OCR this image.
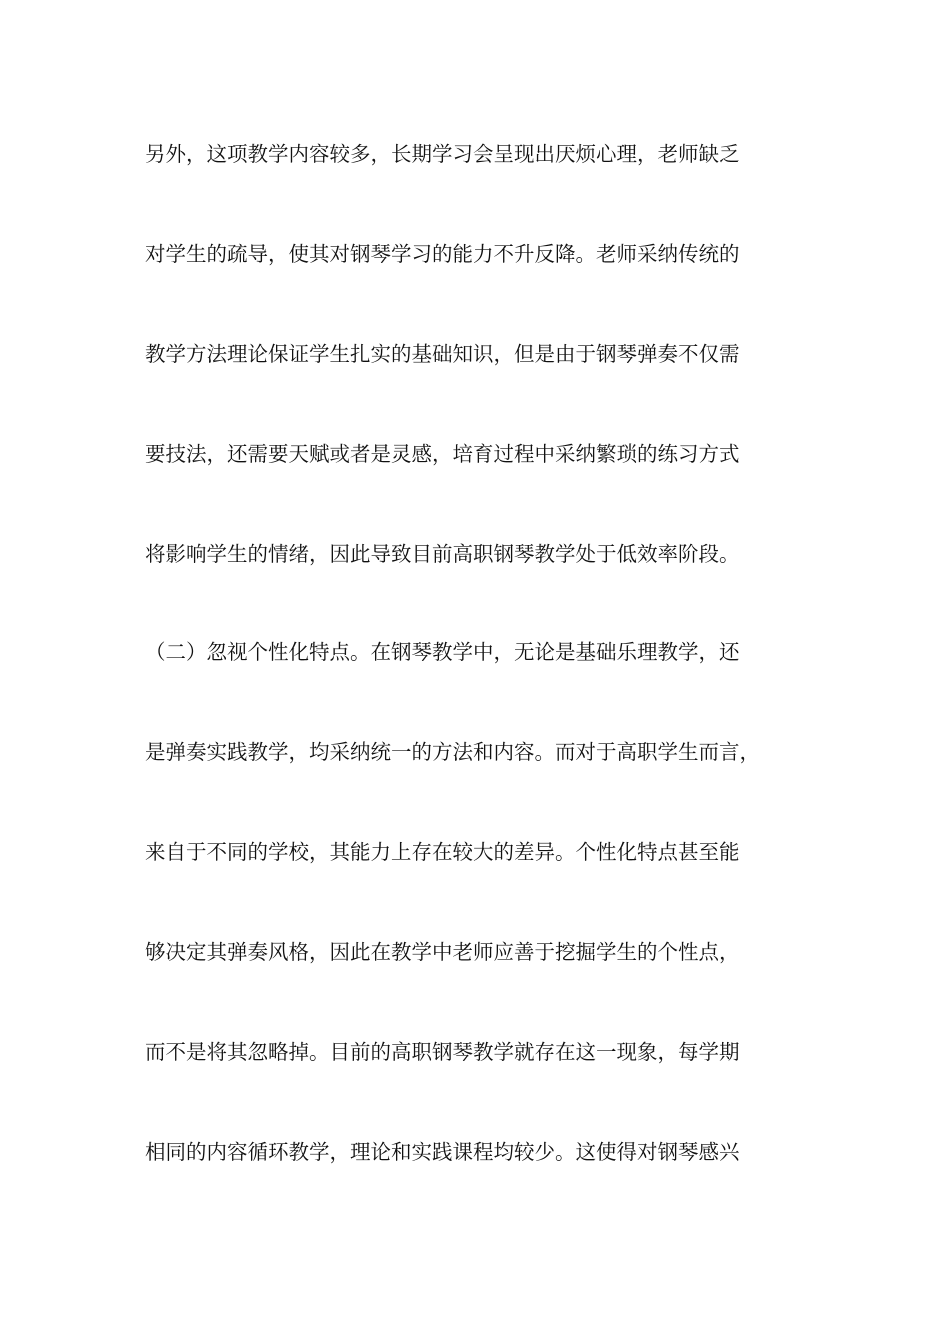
另外，这项教学内容较多，长期学习会呈现出厌烦心理，老师缺乏

对学生的疏导，使其对钢琴学习的能力不升反降。老师采纳传统的

教学方法理论保证学生扎实的基础知识，但是由于钢琴弹奏不仅需

要技法，还需要天赋或者是灵感，培育过程中采纳繁琐的练习方式

将影响学生的情绪，因此导致目前高职钢琴教学处于低效率阶段。

（二）忽视个性化特点。在钢琴教学中，无论是基础乐理教学，还

是弹奏实践教学，均采纳统一的方法和内容。而对于高职学生而言，

来自于不同的学校，其能力上存在较大的差异。个性化特点甚至能

够决定其弹奏风格，因此在教学中老师应善于挖掘学生的个性点，

而不是将其忽略掉。目前的高职钢琴教学就存在这一现象，每学期

相同的内容循环教学，理论和实践课程均较少。这使得对钢琴感兴
